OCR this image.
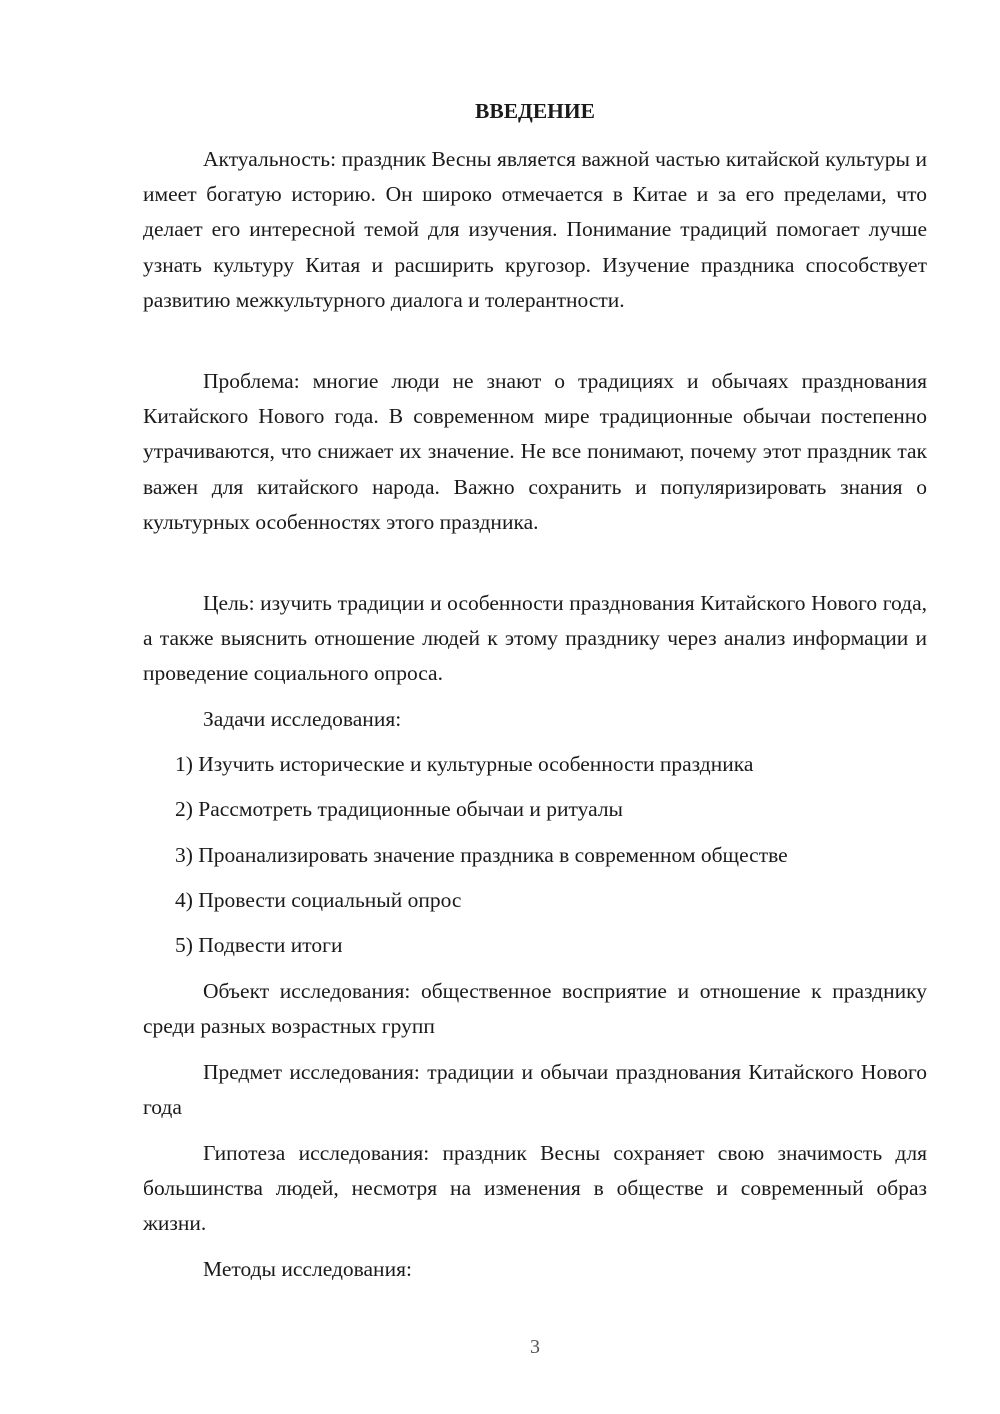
ВВЕДЕНИЕ

Актуальность: праздник Весны является важной частью китайской культуры и имеет богатую историю. Он широко отмечается в Китае и за его пределами, что делает его интересной темой для изучения. Понимание традиций помогает лучше узнать культуру Китая и расширить кругозор. Изучение праздника способствует развитию межкультурного диалога и толерантности.

Проблема: многие люди не знают о традициях и обычаях празднования Китайского Нового года. В современном мире традиционные обычаи постепенно утрачиваются, что снижает их значение. Не все понимают, почему этот праздник так важен для китайского народа. Важно сохранить и популяризировать знания о культурных особенностях этого праздника.

Цель: изучить традиции и особенности празднования Китайского Нового года, а также выяснить отношение людей к этому празднику через анализ информации и проведение социального опроса.

Задачи исследования:

1) Изучить исторические и культурные особенности праздника

2) Рассмотреть традиционные обычаи и ритуалы

3) Проанализировать значение праздника в современном обществе

4) Провести социальный опрос

5) Подвести итоги

Объект исследования: общественное восприятие и отношение к празднику среди разных возрастных групп

Предмет исследования: традиции и обычаи празднования Китайского Нового года

Гипотеза исследования: праздник Весны сохраняет свою значимость для большинства людей, несмотря на изменения в обществе и современный образ жизни.

Методы исследования:

3
